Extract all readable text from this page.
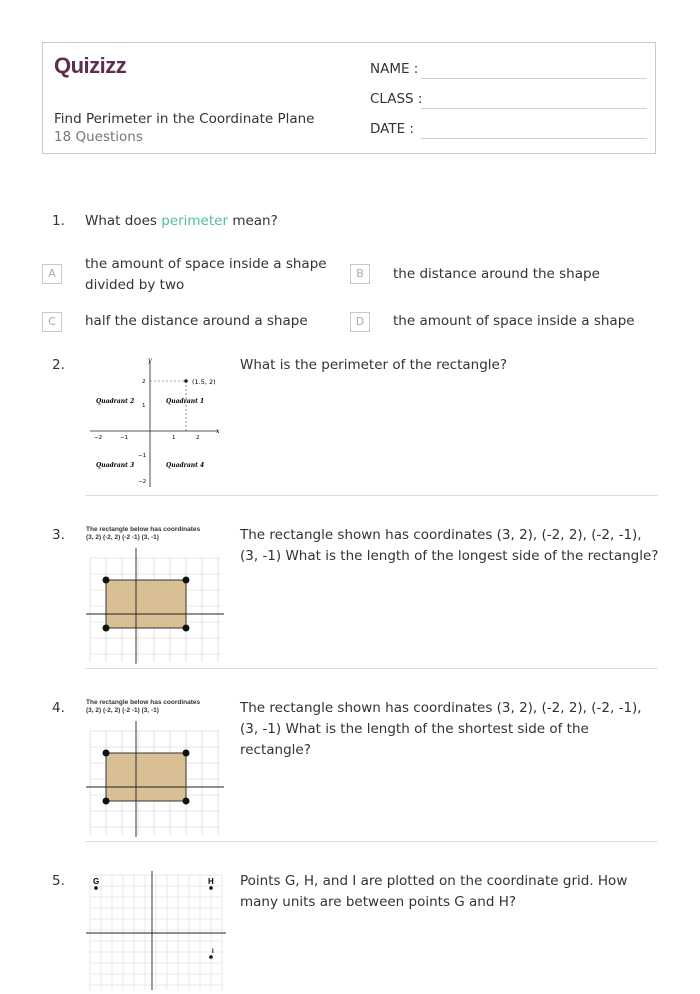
Quizizz
Find Perimeter in the Coordinate Plane
18 Questions
NAME :
CLASS :
DATE :
1. What does perimeter mean?
A
the amount of space inside a shape divided by two
B	the distance around the shape
C	half the distance around a shape	D	the amount of space inside a shape
2.	What is the perimeter of the rectangle?
(1.5, 2)
y
x
Quadrant 2	Quadrant 1
Quadrant 3	Quadrant 4
−2	−1	1	2
2
1
−1
−2
3.	The rectangle shown has coordinates (3, 2), (-2, 2), (-2, -1), (3, -1) What is the length of the longest side of the rectangle?
The rectangle below has coordinates
(3, 2) (-2, 2) (-2 -1) (3, -1)
4.	The rectangle shown has coordinates (3, 2), (-2, 2), (-2, -1), (3, -1) What is the length of the shortest side of the rectangle?
The rectangle below has coordinates
(3, 2) (-2, 2) (-2 -1) (3, -1)
5.	Points G, H, and I are plotted on the coordinate grid. How many units are between points G and H?
G	H
I
